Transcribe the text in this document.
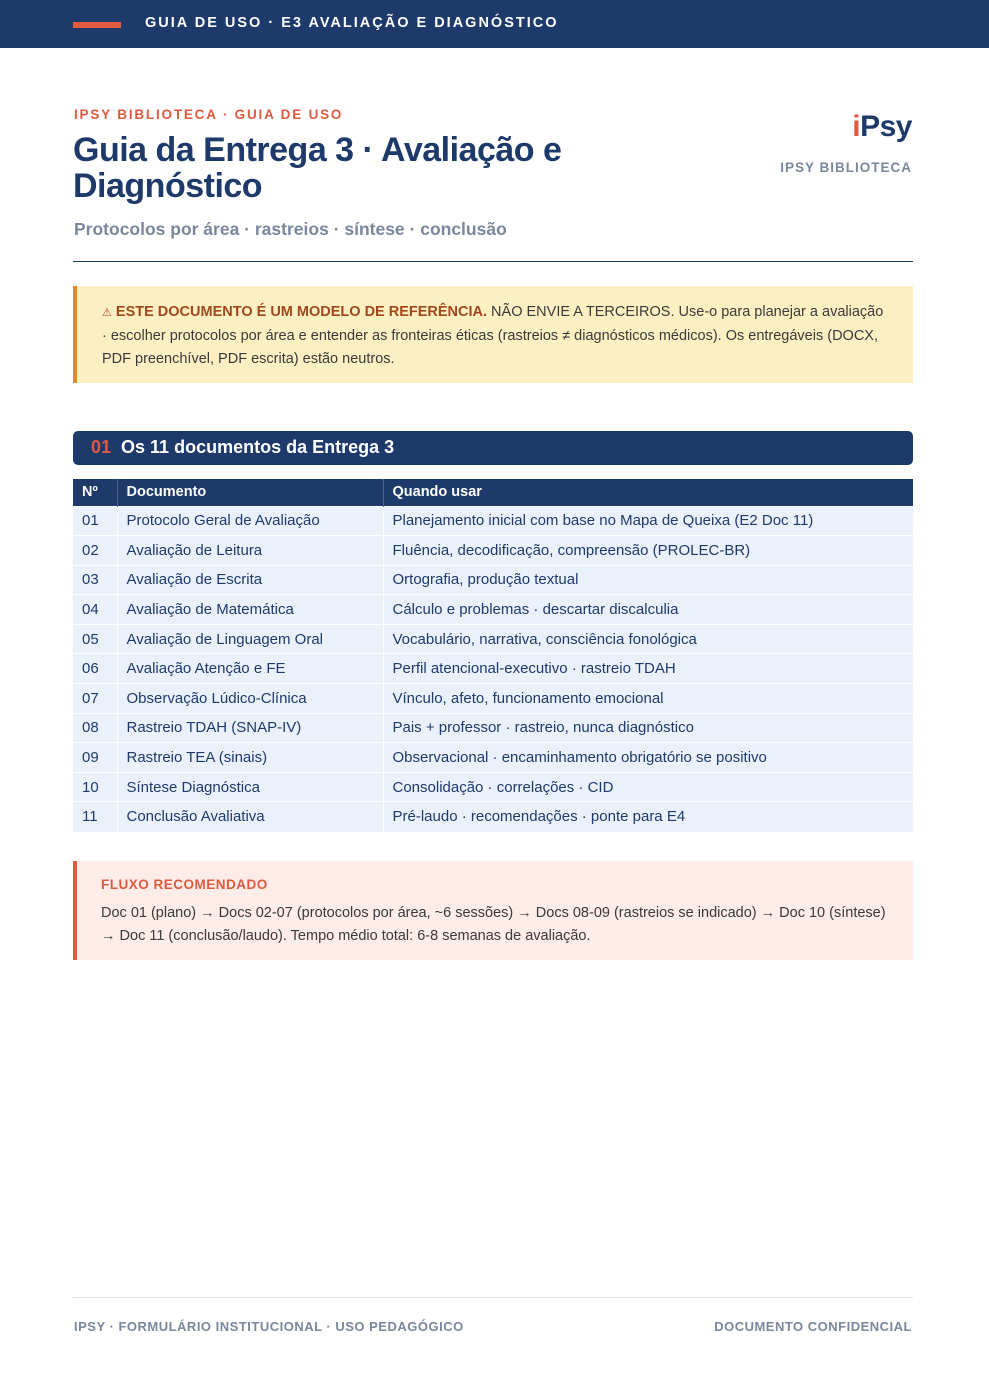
GUIA DE USO · E3 AVALIAÇÃO E DIAGNÓSTICO
IPSY BIBLIOTECA · GUIA DE USO
Guia da Entrega 3 · Avaliação e Diagnóstico
Protocolos por área · rastreios · síntese · conclusão
iPsy
IPSY BIBLIOTECA
⚠ ESTE DOCUMENTO É UM MODELO DE REFERÊNCIA. NÃO ENVIE A TERCEIROS. Use-o para planejar a avaliação · escolher protocolos por área e entender as fronteiras éticas (rastreios ≠ diagnósticos médicos). Os entregáveis (DOCX, PDF preenchível, PDF escrita) estão neutros.
01 Os 11 documentos da Entrega 3
Nº	Documento	Quando usar
01	Protocolo Geral de Avaliação	Planejamento inicial com base no Mapa de Queixa (E2 Doc 11)
02	Avaliação de Leitura	Fluência, decodificação, compreensão (PROLEC-BR)
03	Avaliação de Escrita	Ortografia, produção textual
04	Avaliação de Matemática	Cálculo e problemas · descartar discalculia
05	Avaliação de Linguagem Oral	Vocabulário, narrativa, consciência fonológica
06	Avaliação Atenção e FE	Perfil atencional-executivo · rastreio TDAH
07	Observação Lúdico-Clínica	Vínculo, afeto, funcionamento emocional
08	Rastreio TDAH (SNAP-IV)	Pais + professor · rastreio, nunca diagnóstico
09	Rastreio TEA (sinais)	Observacional · encaminhamento obrigatório se positivo
10	Síntese Diagnóstica	Consolidação · correlações · CID
11	Conclusão Avaliativa	Pré-laudo · recomendações · ponte para E4
FLUXO RECOMENDADO
Doc 01 (plano) → Docs 02-07 (protocolos por área, ~6 sessões) → Docs 08-09 (rastreios se indicado) → Doc 10 (síntese) → Doc 11 (conclusão/laudo). Tempo médio total: 6-8 semanas de avaliação.
IPSY · FORMULÁRIO INSTITUCIONAL · USO PEDAGÓGICO	DOCUMENTO CONFIDENCIAL
